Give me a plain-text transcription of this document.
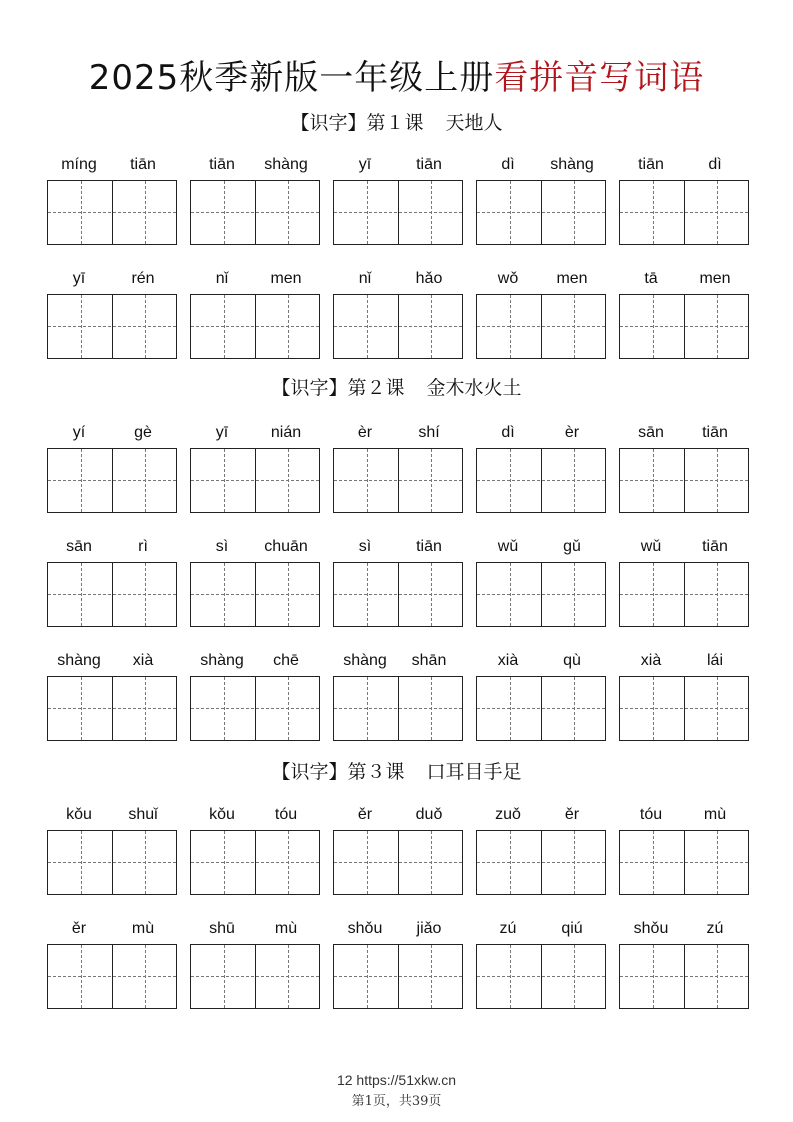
2025秋季新版一年级上册看拼音写词语
【识字】第１课 天地人
míng	tiān	tiān	shàng	yī	tiān	dì	shàng	tiān	dì
yī	rén	nǐ	men	nǐ	hǎo	wǒ	men	tā	men
【识字】第２课 金木水火土
yí	gè	yī	nián	èr	shí	dì	èr	sān	tiān
sān	rì	sì	chuān	sì	tiān	wǔ	gǔ	wǔ	tiān
shàng	xià	shàng	chē	shàng	shān	xià	qù	xià	lái
【识字】第３课 口耳目手足
kǒu	shuǐ	kǒu	tóu	ěr	duǒ	zuǒ	ěr	tóu	mù
ěr	mù	shū	mù	shǒu	jiǎo	zú	qiú	shǒu	zú
12 https://51xkw.cn
第1页，共39页
